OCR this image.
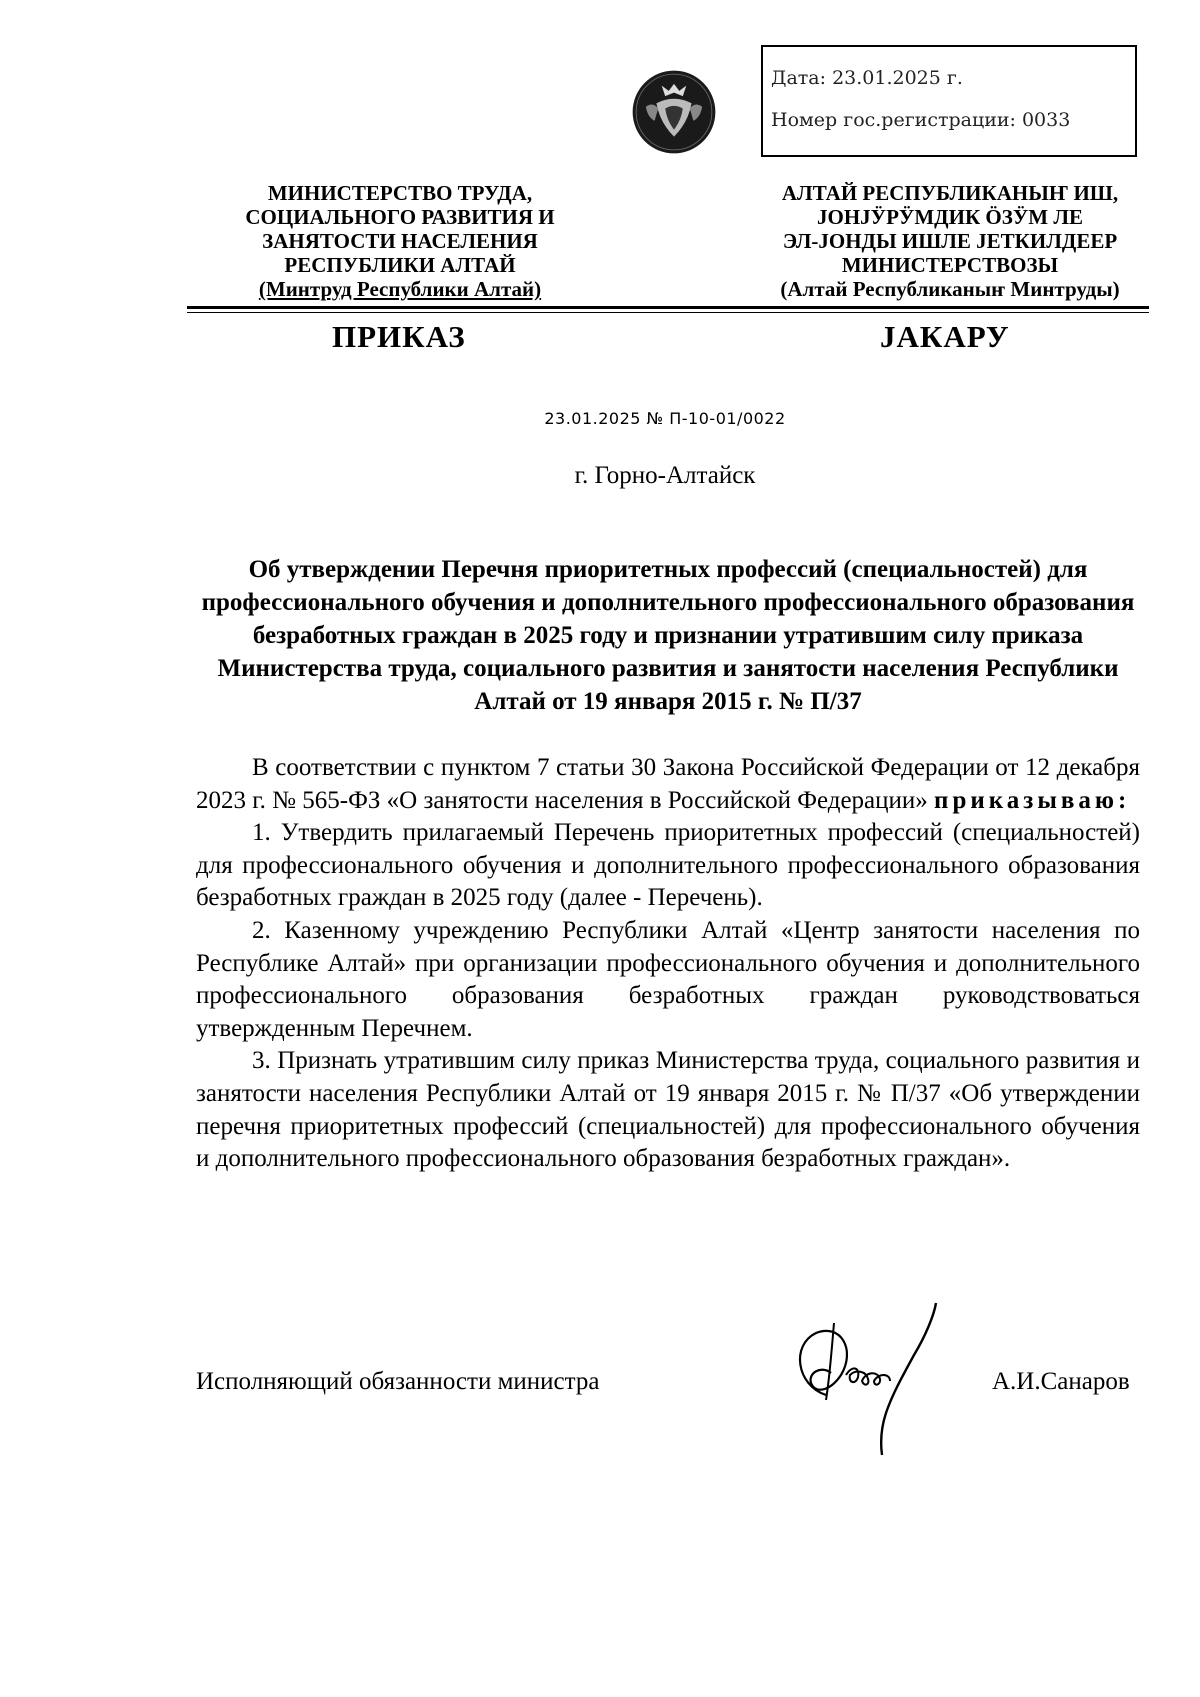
Дата: 23.01.2025 г.
Номер гос.регистрации: 0033
МИНИСТЕРСТВО ТРУДА,
СОЦИАЛЬНОГО РАЗВИТИЯ И
ЗАНЯТОСТИ НАСЕЛЕНИЯ
РЕСПУБЛИКИ АЛТАЙ
(Минтруд Республики Алтай)
АЛТАЙ РЕСПУБЛИКАНЫҤ ИШ,
ЈОНЈӰРӰМДИК ӦЗӰМ ЛЕ
ЭЛ-ЈОНДЫ ИШЛЕ ЈЕТКИЛДЕЕР
МИНИСТЕРСТВОЗЫ
(Алтай Республиканыҥ Минтруды)
ПРИКАЗ	ЈАКАРУ
23.01.2025 № П-10-01/0022
г. Горно-Алтайск
Об утверждении Перечня приоритетных профессий (специальностей) для профессионального обучения и дополнительного профессионального образования безработных граждан в 2025 году и признании утратившим силу приказа Министерства труда, социального развития и занятости населения Республики Алтай от 19 января 2015 г. № П/37

В соответствии с пунктом 7 статьи 30 Закона Российской Федерации от 12 декабря 2023 г. № 565-ФЗ «О занятости населения в Российской Федерации» приказываю:

1. Утвердить прилагаемый Перечень приоритетных профессий (специальностей) для профессионального обучения и дополнительного профессионального образования безработных граждан в 2025 году (далее - Перечень).

2. Казенному учреждению Республики Алтай «Центр занятости населения по Республике Алтай» при организации профессионального обучения и дополнительного профессионального образования безработных граждан руководствоваться утвержденным Перечнем.

3. Признать утратившим силу приказ Министерства труда, социального развития и занятости населения Республики Алтай от 19 января 2015 г. № П/37 «Об утверждении перечня приоритетных профессий (специальностей) для профессионального обучения и дополнительного профессионального образования безработных граждан».

Исполняющий обязанности министра	А.И.Санаров
